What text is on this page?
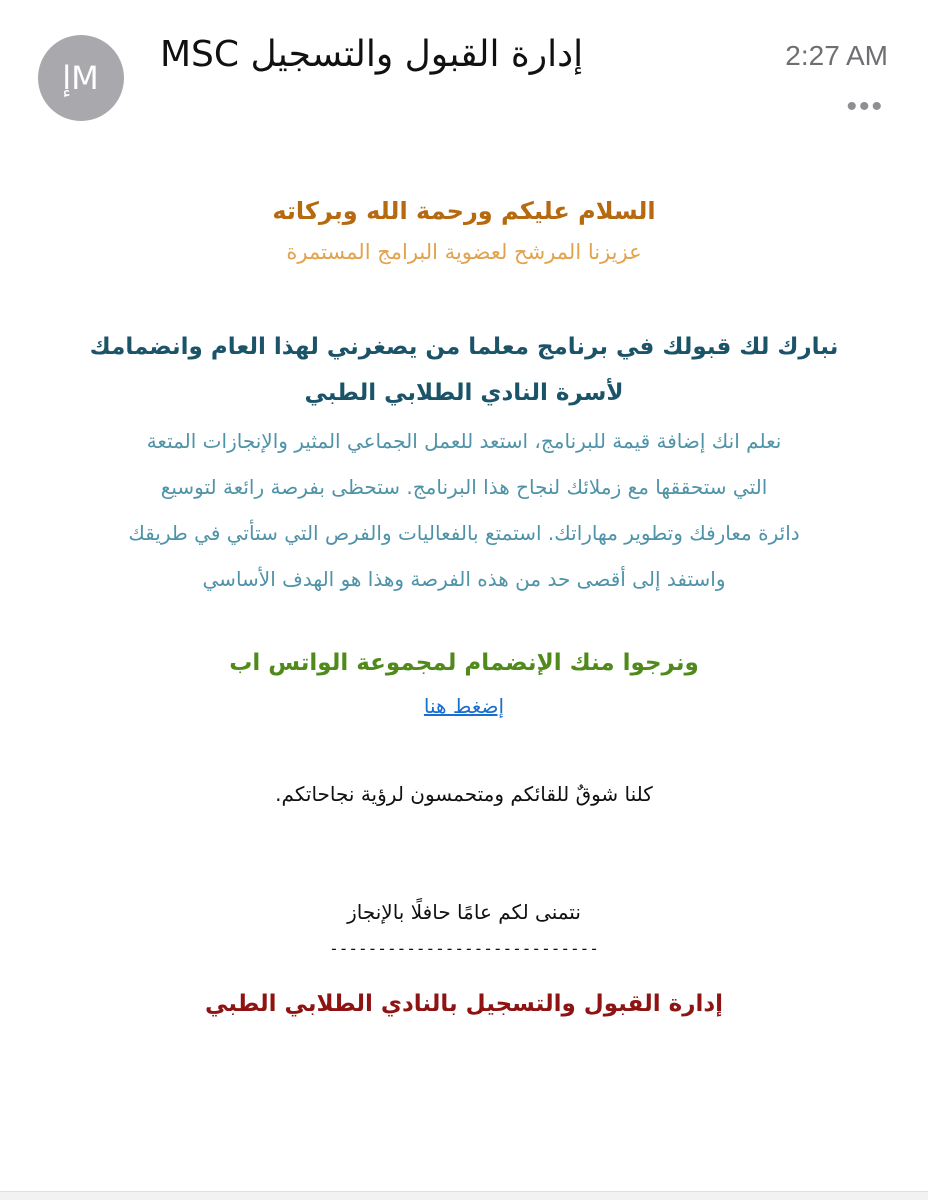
إM
إدارة القبول والتسجيل MSC	2:27 AM
•••
السلام عليكم ورحمة الله وبركاته
عزيزنا المرشح لعضوية البرامج المستمرة
نبارك لك قبولك في برنامج معلما من يصغرني لهذا العام وانضمامك
لأسرة النادي الطلابي الطبي
نعلم انك إضافة قيمة للبرنامج، استعد للعمل الجماعي المثير والإنجازات المتعة
التي ستحققها مع زملائك لنجاح هذا البرنامج. ستحظى بفرصة رائعة لتوسيع
دائرة معارفك وتطوير مهاراتك. استمتع بالفعاليات والفرص التي ستأتي في طريقك
واستفد إلى أقصى حد من هذه الفرصة وهذا هو الهدف الأساسي
ونرجوا منك الإنضمام لمجموعة الواتس اب
إضغط هنا
كلنا شوقٌ للقائكم ومتحمسون لرؤية نجاحاتكم.
نتمنى لكم عامًا حافلًا بالإنجاز
----------------------------
إدارة القبول والتسجيل بالنادي الطلابي الطبي
